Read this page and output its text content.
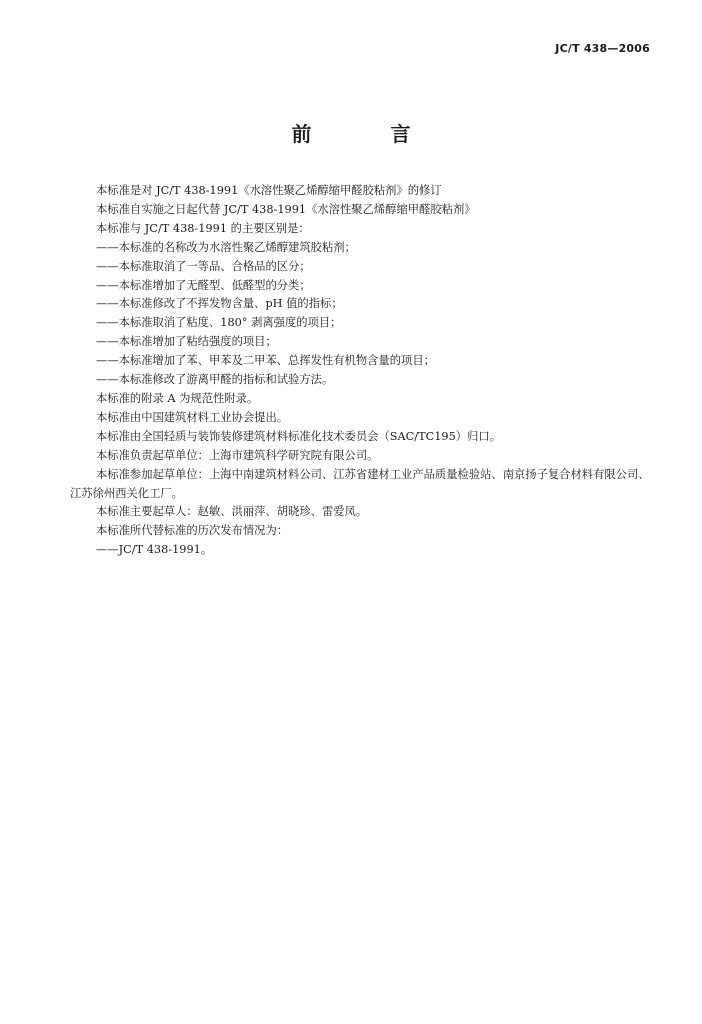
JC/T 438—2006
前 言
本标准是对 JC/T 438-1991《水溶性聚乙烯醇缩甲醛胶粘剂》的修订
本标准自实施之日起代替 JC/T 438-1991《水溶性聚乙烯醇缩甲醛胶粘剂》
本标准与 JC/T 438-1991 的主要区别是：
——本标准的名称改为水溶性聚乙烯醇建筑胶粘剂；
——本标准取消了一等品、合格品的区分；
——本标准增加了无醛型、低醛型的分类；
——本标准修改了不挥发物含量、pH 值的指标；
——本标准取消了粘度、180° 剥离强度的项目；
——本标准增加了粘结强度的项目；
——本标准增加了苯、甲苯及二甲苯、总挥发性有机物含量的项目；
——本标准修改了游离甲醛的指标和试验方法。
本标准的附录 A 为规范性附录。
本标准由中国建筑材料工业协会提出。
本标准由全国轻质与装饰装修建筑材料标准化技术委员会（SAC/TC195）归口。
本标准负责起草单位：上海市建筑科学研究院有限公司。
本标准参加起草单位：上海中南建筑材料公司、江苏省建材工业产品质量检验站、南京扬子复合材料有限公司、江苏徐州西关化工厂。
本标准主要起草人：赵敏、洪丽萍、胡晓珍、雷爱凤。
本标准所代替标准的历次发布情况为：
——JC/T 438-1991。
